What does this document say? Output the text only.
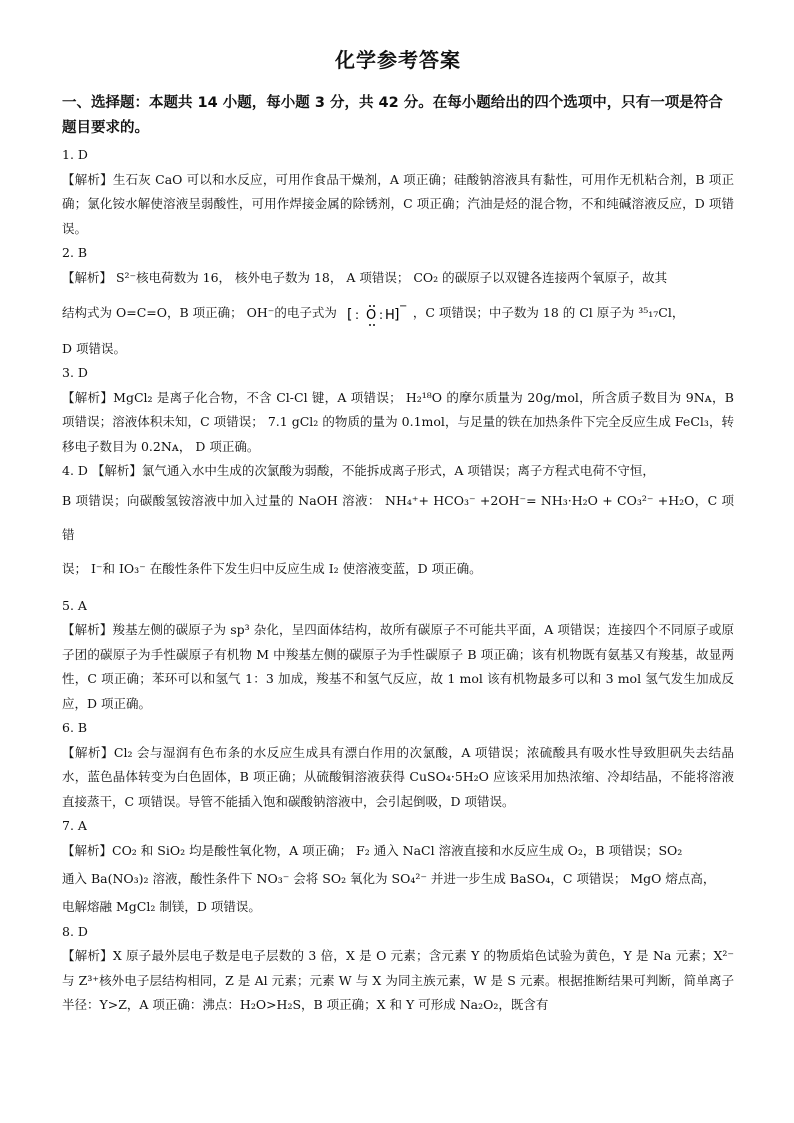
化学参考答案
一、选择题：本题共 14 小题，每小题 3 分，共 42 分。在每小题给出的四个选项中，只有一项是符合题目要求的。
1. D
【解析】生石灰 CaO 可以和水反应，可用作食品干燥剂，A 项正确；硅酸钠溶液具有黏性，可用作无机粘合剂，B 项正确；氯化铵水解使溶液呈弱酸性，可用作焊接金属的除锈剂，C 项正确；汽油是烃的混合物，不和纯碱溶液反应，D 项错误。
2. B
【解析】 S²⁻核电荷数为 16， 核外电子数为 18， A 项错误； CO₂ 的碳原子以双键各连接两个氧原子，故其
结构式为 O=C=O，B 项正确； OH⁻的电子式为 [ : O : H ]
− ，C 项错误；中子数为 18 的 Cl 原子为 ³⁵₁₇Cl，
D 项错误。
3. D
【解析】MgCl₂ 是离子化合物，不含 Cl-Cl 键，A 项错误； H₂¹⁸O 的摩尔质量为 20g/mol，所含质子数目为 9Nᴀ，B 项错误；溶液体积未知，C 项错误； 7.1 gCl₂ 的物质的量为 0.1mol，与足量的铁在加热条件下完全反应生成 FeCl₃，转移电子数目为 0.2Nᴀ， D 项正确。
4. D 【解析】氯气通入水中生成的次氯酸为弱酸，不能拆成离子形式，A 项错误；离子方程式电荷不守恒，
B 项错误；向碳酸氢铵溶液中加入过量的 NaOH 溶液： NH₄⁺+ HCO₃⁻ +2OH⁻= NH₃·H₂O + CO₃²⁻ +H₂O，C 项错
误； I⁻和 IO₃⁻ 在酸性条件下发生归中反应生成 I₂ 使溶液变蓝，D 项正确。
5. A
【解析】羧基左侧的碳原子为 sp³ 杂化，呈四面体结构，故所有碳原子不可能共平面，A 项错误；连接四个不同原子或原子团的碳原子为手性碳原子有机物 M 中羧基左侧的碳原子为手性碳原子 B 项正确；该有机物既有氨基又有羧基，故显两性，C 项正确；苯环可以和氢气 1：3 加成，羧基不和氢气反应，故 1 mol 该有机物最多可以和 3 mol 氢气发生加成反应，D 项正确。
6. B
【解析】Cl₂ 会与湿润有色布条的水反应生成具有漂白作用的次氯酸，A 项错误；浓硫酸具有吸水性导致胆矾失去结晶水，蓝色晶体转变为白色固体，B 项正确；从硫酸铜溶液获得 CuSO₄·5H₂O 应该采用加热浓缩、冷却结晶，不能将溶液直接蒸干，C 项错误。导管不能插入饱和碳酸钠溶液中，会引起倒吸，D 项错误。
7. A
【解析】CO₂ 和 SiO₂ 均是酸性氧化物，A 项正确； F₂ 通入 NaCl 溶液直接和水反应生成 O₂，B 项错误；SO₂
通入 Ba(NO₃)₂ 溶液，酸性条件下 NO₃⁻ 会将 SO₂ 氧化为 SO₄²⁻ 并进一步生成 BaSO₄，C 项错误； MgO 熔点高，
电解熔融 MgCl₂ 制镁，D 项错误。
8. D
【解析】X 原子最外层电子数是电子层数的 3 倍，X 是 O 元素；含元素 Y 的物质焰色试验为黄色，Y 是 Na 元素；X²⁻与 Z³⁺核外电子层结构相同，Z 是 Al 元素；元素 W 与 X 为同主族元素，W 是 S 元素。根据推断结果可判断，简单离子半径：Y>Z，A 项正确：沸点：H₂O>H₂S，B 项正确；X 和 Y 可形成 Na₂O₂，既含有
